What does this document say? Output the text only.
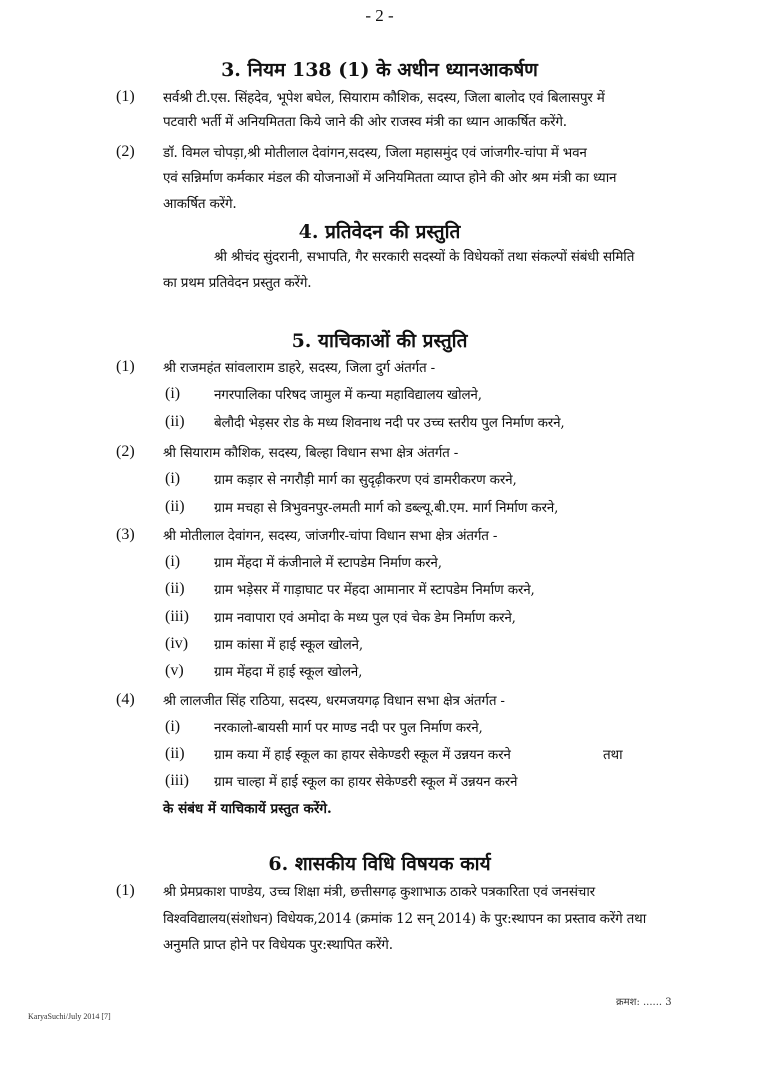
- 2 -
3. नियम 138 (1) के अधीन ध्यानआकर्षण
(1) सर्वश्री टी.एस. सिंहदेव, भूपेश बघेल, सियाराम कौशिक, सदस्य, जिला बालोद एवं बिलासपुर में
पटवारी भर्ती में अनियमितता किये जाने की ओर राजस्व मंत्री का ध्यान आकर्षित करेंगे.
(2) डॉ. विमल चोपड़ा,श्री मोतीलाल देवांगन,सदस्य, जिला महासमुंद एवं जांजगीर-चांपा में भवन
एवं सन्निर्माण कर्मकार मंडल की योजनाओं में अनियमितता व्याप्त होने की ओर श्रम मंत्री का ध्यान
आकर्षित करेंगे.
4. प्रतिवेदन की प्रस्तुति
श्री श्रीचंद सुंदरानी, सभापति, गैर सरकारी सदस्यों के विधेयकों तथा संकल्पों संबंधी समिति
का प्रथम प्रतिवेदन प्रस्तुत करेंगे.
5. याचिकाओं की प्रस्तुति
(1) श्री राजमहंत सांवलाराम डाहरे, सदस्य, जिला दुर्ग अंतर्गत -
(i)	नगरपालिका परिषद जामुल में कन्या महाविद्यालय खोलने,
(ii) बेलौदी भेड़सर रोड के मध्य शिवनाथ नदी पर उच्च स्तरीय पुल निर्माण करने,
(2) श्री सियाराम कौशिक, सदस्य, बिल्हा विधान सभा क्षेत्र अंतर्गत -
(i)	ग्राम कड़ार से नगरौड़ी मार्ग का सुदृढ़ीकरण एवं डामरीकरण करने,
(ii) ग्राम मचहा से त्रिभुवनपुर-लमती मार्ग को डब्ल्यू.बी.एम. मार्ग निर्माण करने,
(3) श्री मोतीलाल देवांगन, सदस्य, जांजगीर-चांपा विधान सभा क्षेत्र अंतर्गत -
(i)	ग्राम मेंहदा में कंजीनाले में स्टापडेम निर्माण करने,
(ii) ग्राम भड़ेसर में गाड़ाघाट पर मेंहदा आमानार में स्टापडेम निर्माण करने,
(iii) ग्राम नवापारा एवं अमोदा के मध्य पुल एवं चेक डेम निर्माण करने,
(iv) ग्राम कांसा में हाई स्कूल खोलने,
(v) ग्राम मेंहदा में हाई स्कूल खोलने,
(4) श्री लालजीत सिंह राठिया, सदस्य, धरमजयगढ़ विधान सभा क्षेत्र अंतर्गत -
(i)	नरकालो-बायसी मार्ग पर माण्ड नदी पर पुल निर्माण करने,
(ii) ग्राम कया में हाई स्कूल का हायर सेकेण्डरी स्कूल में उन्नयन करने	तथा
(iii) ग्राम चाल्हा में हाई स्कूल का हायर सेकेण्डरी स्कूल में उन्नयन करने
के संबंध में याचिकायें प्रस्तुत करेंगे.
6. शासकीय विधि विषयक कार्य
(1) श्री प्रेमप्रकाश पाण्डेय, उच्च शिक्षा मंत्री, छत्तीसगढ़ कुशाभाऊ ठाकरे पत्रकारिता एवं जनसंचार
विश्वविद्यालय(संशोधन) विधेयक,2014 (क्रमांक 12 सन् 2014) के पुर:स्थापन का प्रस्ताव करेंगे तथा
अनुमति प्राप्त होने पर विधेयक पुर:स्थापित करेंगे.
क्रमश: ...... 3
KaryaSuchi/July 2014 [7]
